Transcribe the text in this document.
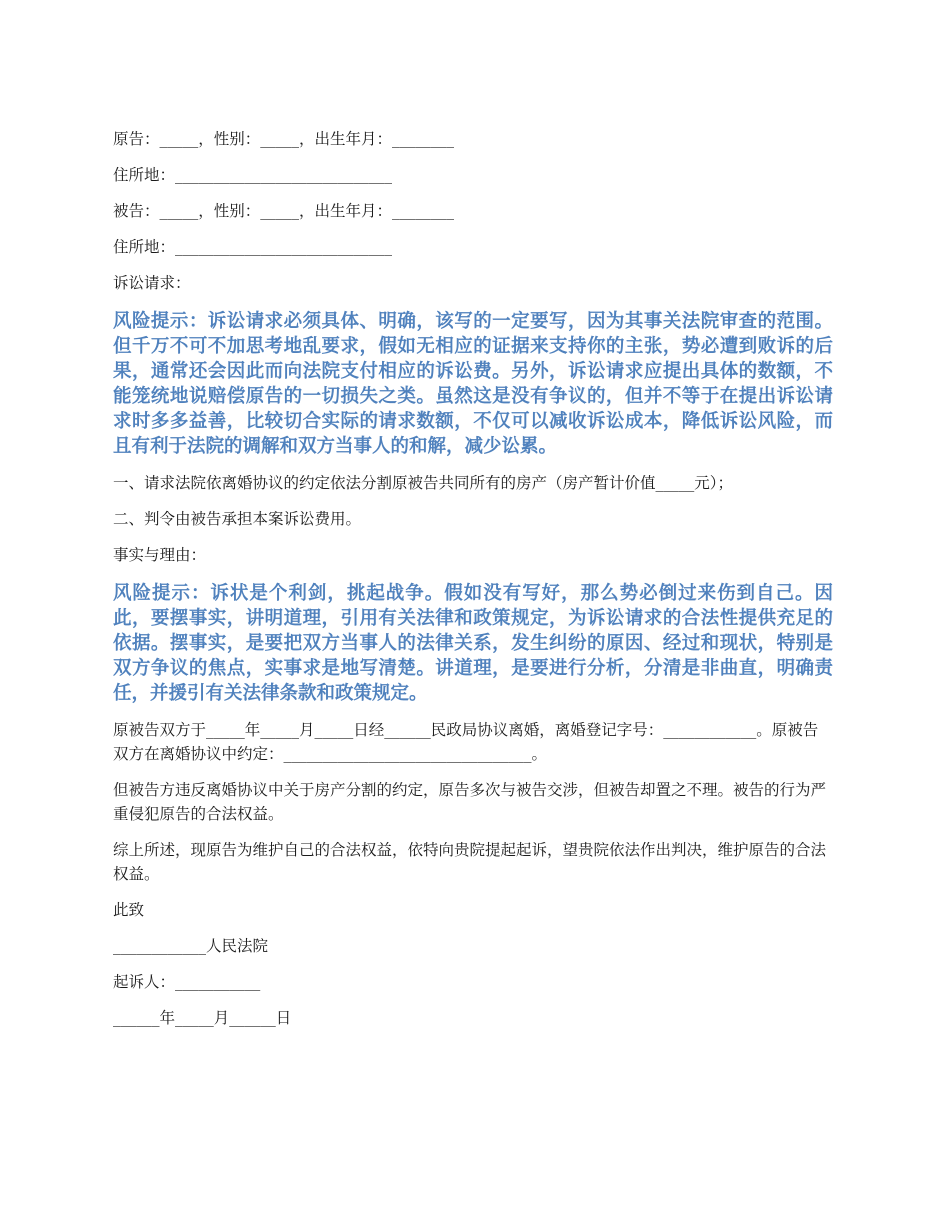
原告：_____，性别：_____，出生年月：________

住所地：____________________________

被告：_____，性别：_____，出生年月：________

住所地：____________________________

诉讼请求：

风险提示：诉讼请求必须具体、明确，该写的一定要写，因为其事关法院审查的范围。但千万不可不加思考地乱要求，假如无相应的证据来支持你的主张，势必遭到败诉的后果，通常还会因此而向法院支付相应的诉讼费。另外，诉讼请求应提出具体的数额，不能笼统地说赔偿原告的一切损失之类。虽然这是没有争议的，但并不等于在提出诉讼请求时多多益善，比较切合实际的请求数额，不仅可以减收诉讼成本，降低诉讼风险，而且有利于法院的调解和双方当事人的和解，减少讼累。

一、请求法院依离婚协议的约定依法分割原被告共同所有的房产（房产暂计价值_____元）；

二、判令由被告承担本案诉讼费用。

事实与理由：

风险提示：诉状是个利剑，挑起战争。假如没有写好，那么势必倒过来伤到自己。因此，要摆事实，讲明道理，引用有关法律和政策规定，为诉讼请求的合法性提供充足的依据。摆事实，是要把双方当事人的法律关系，发生纠纷的原因、经过和现状，特别是双方争议的焦点，实事求是地写清楚。讲道理，是要进行分析，分清是非曲直，明确责任，并援引有关法律条款和政策规定。

原被告双方于_____年_____月_____日经______民政局协议离婚，离婚登记字号：____________。原被告双方在离婚协议中约定：________________________________。

但被告方违反离婚协议中关于房产分割的约定，原告多次与被告交涉，但被告却置之不理。被告的行为严重侵犯原告的合法权益。

综上所述，现原告为维护自己的合法权益，依特向贵院提起起诉，望贵院依法作出判决，维护原告的合法权益。

此致

____________人民法院

起诉人：___________

______年_____月______日
